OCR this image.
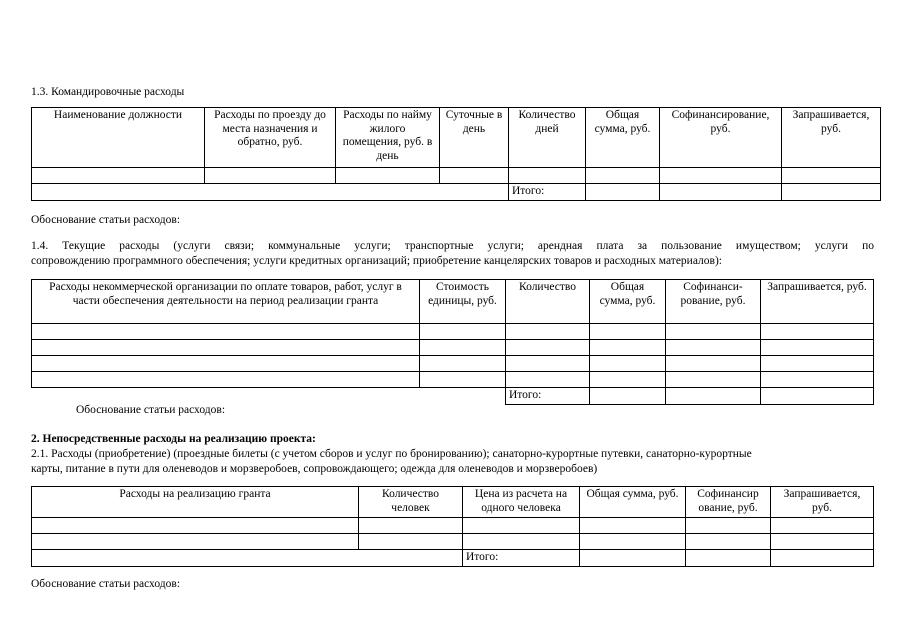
1.3. Командировочные расходы
Наименование должности	Расходы по проезду до места назначения и обратно, руб.	Расходы по найму жилого помещения, руб. в день	Суточные в день	Количество дней	Общая сумма, руб.	Софинансирование, руб.	Запрашивается, руб.

				Итого:			
Обоснование статьи расходов:
1.4. Текущие расходы (услуги связи; коммунальные услуги; транспортные услуги; арендная плата за пользование имуществом; услуги по
сопровождению программного обеспечения; услуги кредитных организаций; приобретение канцелярских товаров и расходных материалов):
Расходы некоммерческой организации по оплате товаров, работ, услуг в части обеспечения деятельности на период реализации гранта	Стоимость единицы, руб.	Количество	Общая сумма, руб.	Софинанси-рование, руб.	Запрашивается, руб.

		Итого:			
Обоснование статьи расходов:
2. Непосредственные расходы на реализацию проекта:
2.1. Расходы (приобретение) (проездные билеты (с учетом сборов и услуг по бронированию); санаторно-курортные путевки, санаторно-курортные
карты, питание в пути для оленеводов и морзверобоев, сопровождающего; одежда для оленеводов и морзверобоев)
Расходы на реализацию гранта	Количество человек	Цена из расчета на одного человека	Общая сумма, руб.	Софинансир ование, руб.	Запрашивается, руб.

		Итого:			
Обоснование статьи расходов:
